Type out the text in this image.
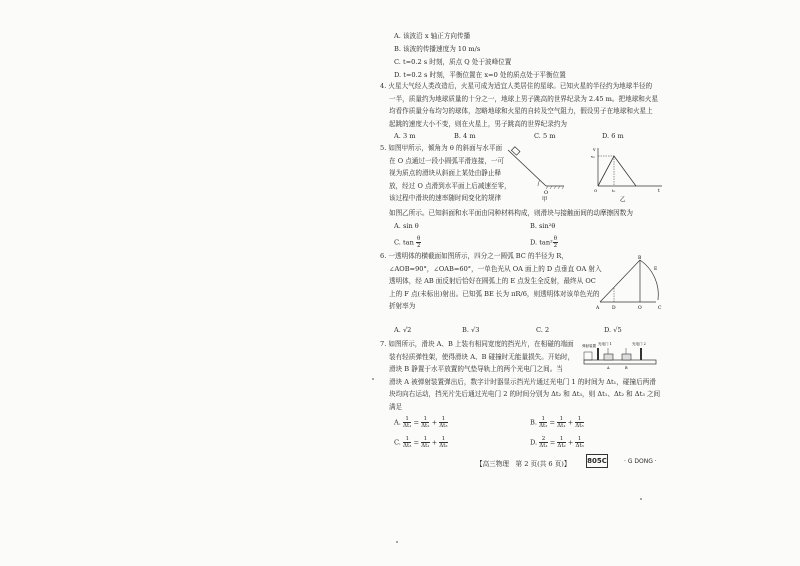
A. 该波沿 x 轴正方向传播
B. 该波的传播速度为 10 m/s
C. t=0.2 s 时刻，质点 Q 处于波峰位置
D. t=0.2 s 时刻，平衡位置在 x=0 处的质点处于平衡位置
4. 火星大气经人类改造后，火星可成为适宜人类居住的星球。已知火星的半径约为地球半径的
一半，质量约为地球质量的十分之一，地球上男子跳高的世界纪录为 2.45 m。把地球和火星
均看作质量分布均匀的球体，忽略地球和火星的自转及空气阻力，假设男子在地球和火星上
起跳的速度大小不变，则在火星上，男子跳高的世界纪录约为
A. 3 m	B. 4 m	C. 5 m	D. 6 m
5. 如图甲所示，倾角为 θ 的斜面与水平面
在 O 点通过一段小圆弧平滑连接，一可
视为质点的滑块从斜面上某处由静止释
放，经过 O 点滑到水平面上后减速至零，
该过程中滑块的速率随时间变化的规律
如图乙所示。已知斜面和水平面由同种材料构成，则滑块与接触面间的动摩擦因数为
O
甲
v
v₀
O	t₀	t
乙
A. sin θ	B. sin²θ
C. $\tan \frac{\theta}{2}$	D. $\tan^2 \frac{\theta}{2}$
6. 一透明体的横截面如图所示，四分之一圆弧 BC 的半径为 R，
∠AOB=90°，∠OAB=60°，一单色光从 OA 面上的 D 点垂直 OA 射入
透明体，经 AB 面反射后恰好在圆弧上的 E 点发生全反射，最终从 OC
上的 F 点(未标出)射出。已知弧 BE 长为 πR/6，则透明体对该单色光的
折射率为	A
B
C
D
E
O
A. √2	B. √3	C. 2	D. √5
7. 如图所示，滑块 A、B 上装有相同宽度的挡光片，在相碰的端面
装有轻质弹性架，使得滑块 A、B 碰撞时无能量损失。开始时，
滑块 B 静置于水平放置的气垫导轨上的两个光电门之间。当
滑块 A 被弹射装置弹出后，数字计时器显示挡光片通过光电门 1 的时间为 Δt₁，碰撞后两滑
块均向右运动，挡光片先后通过光电门 2 的时间分别为 Δt₂ 和 Δt₃，则 Δt₁、Δt₂ 和 Δt₃ 之间
满足
弹射装置 光电门 1	光电门 2
A	B
A. $\frac{1}{\text{Δt₁}} = \frac{1}{\text{Δt₂}} + \frac{1}{\text{Δt₃}}$	B. $\frac{1}{\text{Δt₂}} = \frac{1}{\text{Δt₁}} + \frac{1}{\text{Δt₃}}$
C. $\frac{1}{\text{Δt₃}} = \frac{1}{\text{Δt₁}} + \frac{1}{\text{Δt₂}}$	D. $\frac{2}{\text{Δt₁}} = \frac{1}{\text{Δt₂}} + \frac{1}{\text{Δt₃}}$
【高三物理　第 2 页(共 6 页)】 805C	· G DONG ·
